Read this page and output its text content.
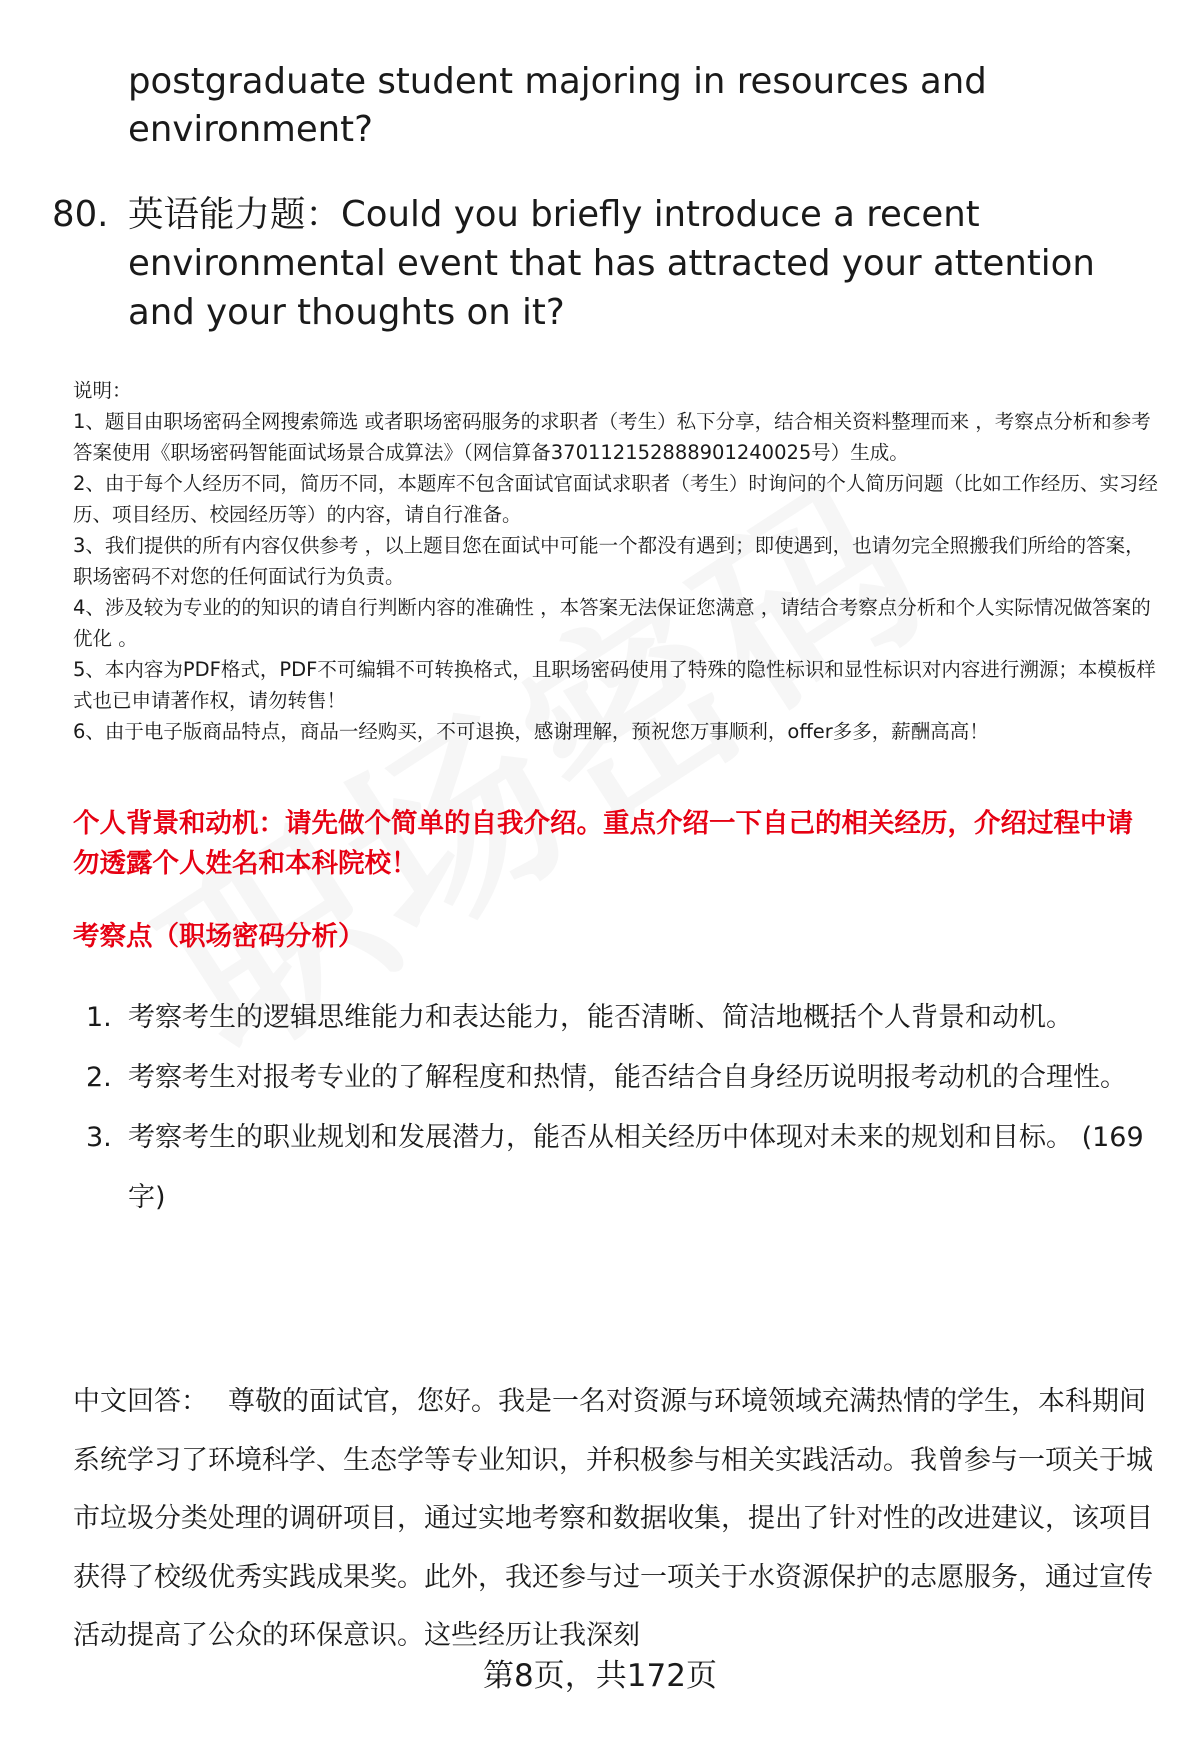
postgraduate student majoring in resources and environment?
80. 英语能力题：Could you briefly introduce a recent environmental event that has attracted your attention and your thoughts on it?

说明：

1、题目由职场密码全网搜索筛选 或者职场密码服务的求职者（考生）私下分享，结合相关资料整理而来 ，考察点分析和参考答案使用《职场密码智能面试场景合成算法》（网信算备370112152888901240025号）生成。

2、由于每个人经历不同，简历不同，本题库不包含面试官面试求职者（考生）时询问的个人简历问题（比如工作经历、实习经历、项目经历、校园经历等）的内容，请自行准备。

3、我们提供的所有内容仅供参考 ，以上题目您在面试中可能一个都没有遇到；即使遇到，也请勿完全照搬我们所给的答案，职场密码不对您的任何面试行为负责。

4、涉及较为专业的的知识的请自行判断内容的准确性 ，本答案无法保证您满意 ，请结合考察点分析和个人实际情况做答案的优化 。

5、本内容为PDF格式，PDF不可编辑不可转换格式，且职场密码使用了特殊的隐性标识和显性标识对内容进行溯源；本模板样式也已申请著作权，请勿转售！

6、由于电子版商品特点，商品一经购买，不可退换，感谢理解，预祝您万事顺利，offer多多，薪酬高高！

个人背景和动机：请先做个简单的自我介绍。重点介绍一下自己的相关经历，介绍过程中请勿透露个人姓名和本科院校！
考察点（职场密码分析）
1. 考察考生的逻辑思维能力和表达能力，能否清晰、简洁地概括个人背景和动机。
2. 考察考生对报考专业的了解程度和热情，能否结合自身经历说明报考动机的合理性。
3. 考察考生的职业规划和发展潜力，能否从相关经历中体现对未来的规划和目标。 (169字)
中文回答： 尊敬的面试官，您好。我是一名对资源与环境领域充满热情的学生，本科期间系统学习了环境科学、生态学等专业知识，并积极参与相关实践活动。我曾参与一项关于城市垃圾分类处理的调研项目，通过实地考察和数据收集，提出了针对性的改进建议，该项目获得了校级优秀实践成果奖。此外，我还参与过一项关于水资源保护的志愿服务，通过宣传活动提高了公众的环保意识。这些经历让我深刻
第8页，共172页
